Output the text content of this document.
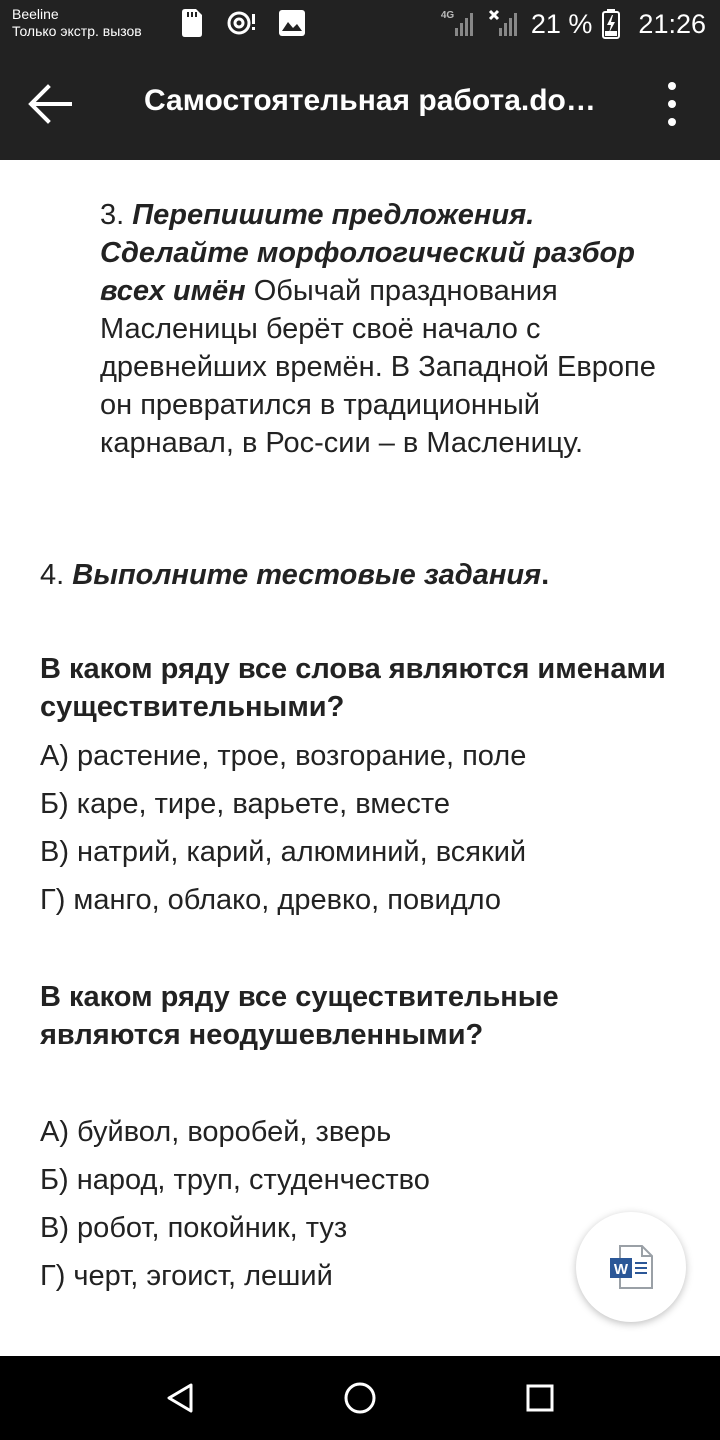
Beeline
Только экстр. вызов
4G	21 % 21:26
Самостоятельная работа.do…
3. Перепишите предложения. Сделайте морфологический разбор всех имён Обычай празднования Масленицы берёт своё начало с древнейших времён. В Западной Европе он превратился в традиционный карнавал, в Рос-сии – в Масленицу.
4. Выполните тестовые задания.
В каком ряду все слова являются именами существительными?
А) растение, трое, возгорание, поле
Б) каре, тире, варьете, вместе
В) натрий, карий, алюминий, всякий
Г) манго, облако, древко, повидло
В каком ряду все существительные являются неодушевленными?
А) буйвол, воробей, зверь
Б) народ, труп, студенчество
В) робот, покойник, туз
Г) черт, эгоист, леший	W
